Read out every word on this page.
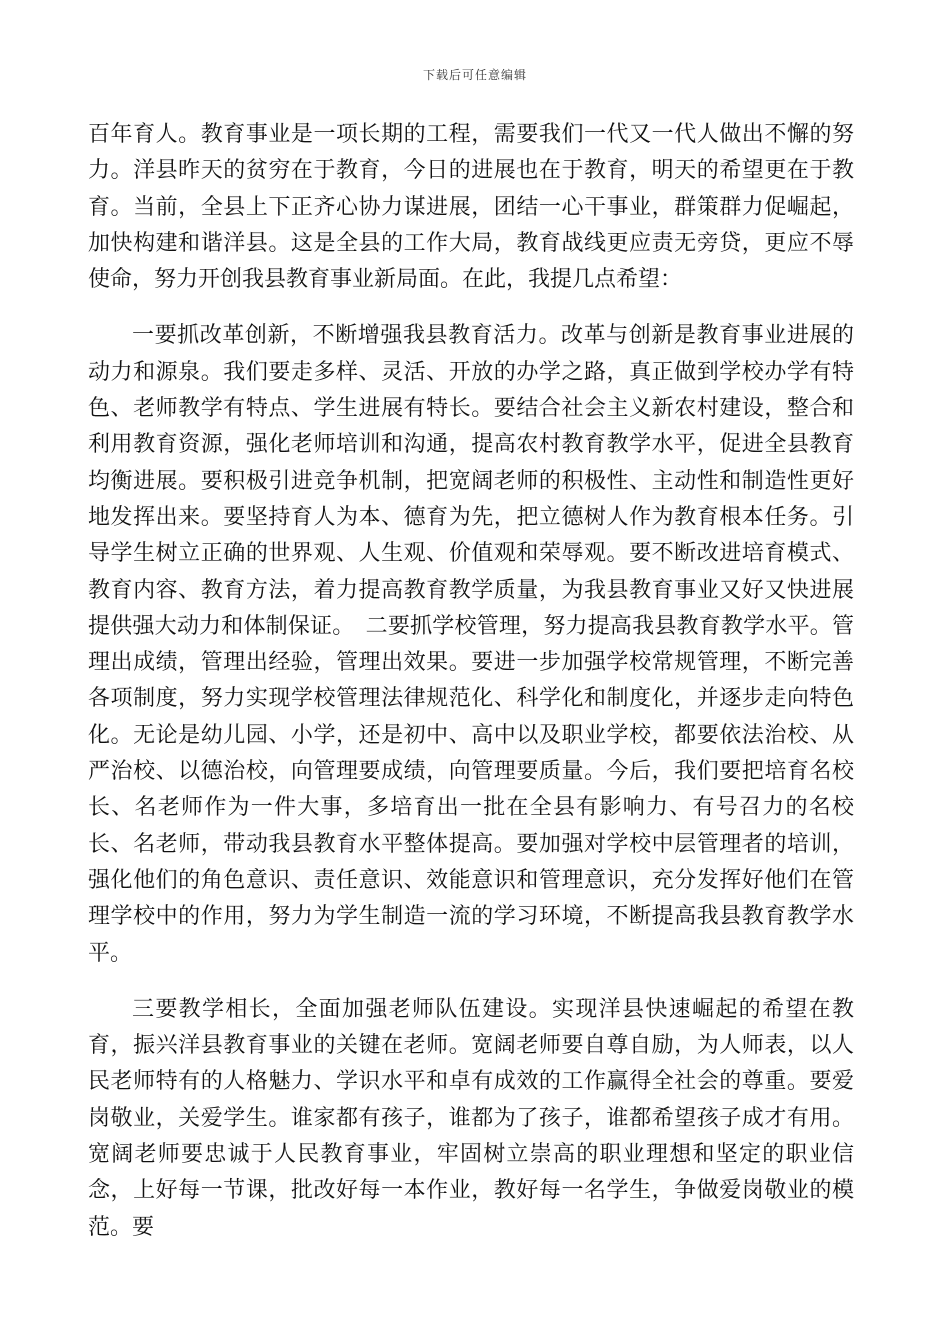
下载后可任意编辑

百年育人。教育事业是一项长期的工程，需要我们一代又一代人做出不懈的努力。洋县昨天的贫穷在于教育，今日的进展也在于教育，明天的希望更在于教育。当前，全县上下正齐心协力谋进展，团结一心干事业，群策群力促崛起，加快构建和谐洋县。这是全县的工作大局，教育战线更应责无旁贷，更应不辱使命，努力开创我县教育事业新局面。在此，我提几点希望：

一要抓改革创新，不断增强我县教育活力。改革与创新是教育事业进展的动力和源泉。我们要走多样、灵活、开放的办学之路，真正做到学校办学有特色、老师教学有特点、学生进展有特长。要结合社会主义新农村建设，整合和利用教育资源，强化老师培训和沟通，提高农村教育教学水平，促进全县教育均衡进展。要积极引进竞争机制，把宽阔老师的积极性、主动性和制造性更好地发挥出来。要坚持育人为本、德育为先，把立德树人作为教育根本任务。引导学生树立正确的世界观、人生观、价值观和荣辱观。要不断改进培育模式、教育内容、教育方法，着力提高教育教学质量，为我县教育事业又好又快进展提供强大动力和体制保证。　二要抓学校管理，努力提高我县教育教学水平。管理出成绩，管理出经验，管理出效果。要进一步加强学校常规管理，不断完善各项制度，努力实现学校管理法律规范化、科学化和制度化，并逐步走向特色化。无论是幼儿园、小学，还是初中、高中以及职业学校，都要依法治校、从严治校、以德治校，向管理要成绩，向管理要质量。今后，我们要把培育名校长、名老师作为一件大事，多培育出一批在全县有影响力、有号召力的名校长、名老师，带动我县教育水平整体提高。要加强对学校中层管理者的培训，强化他们的角色意识、责任意识、效能意识和管理意识，充分发挥好他们在管理学校中的作用，努力为学生制造一流的学习环境，不断提高我县教育教学水平。

三要教学相长，全面加强老师队伍建设。实现洋县快速崛起的希望在教育，振兴洋县教育事业的关键在老师。宽阔老师要自尊自励，为人师表，以人民老师特有的人格魅力、学识水平和卓有成效的工作赢得全社会的尊重。要爱岗敬业，关爱学生。谁家都有孩子，谁都为了孩子，谁都希望孩子成才有用。宽阔老师要忠诚于人民教育事业，牢固树立崇高的职业理想和坚定的职业信念，上好每一节课，批改好每一本作业，教好每一名学生，争做爱岗敬业的模范。要
